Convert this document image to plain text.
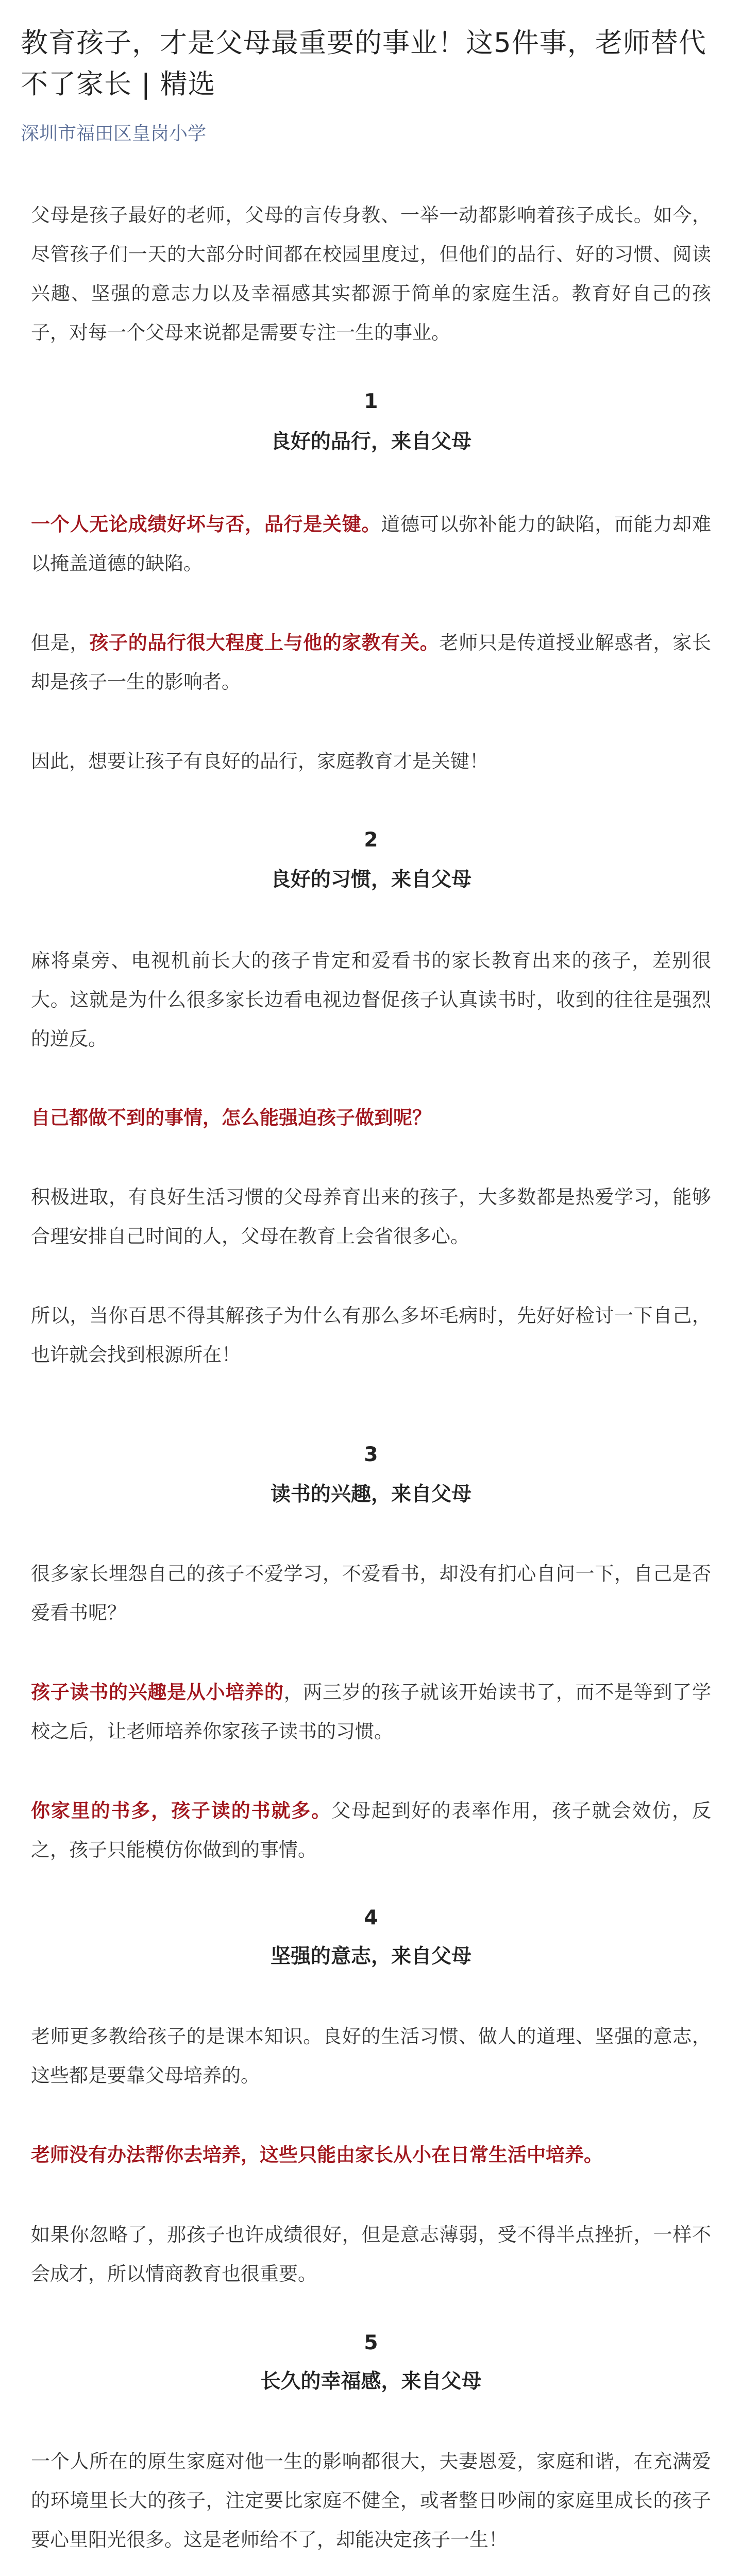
教育孩子，才是父母最重要的事业！这5件事，老师替代不了家长 | 精选
深圳市福田区皇岗小学

父母是孩子最好的老师，父母的言传身教、一举一动都影响着孩子成长。如今，尽管孩子们一天的大部分时间都在校园里度过，但他们的品行、好的习惯、阅读兴趣、坚强的意志力以及幸福感其实都源于简单的家庭生活。教育好自己的孩子，对每一个父母来说都是需要专注一生的事业。

1

良好的品行，来自父母

一个人无论成绩好坏与否，品行是关键。道德可以弥补能力的缺陷，而能力却难以掩盖道德的缺陷。

但是，孩子的品行很大程度上与他的家教有关。老师只是传道授业解惑者，家长却是孩子一生的影响者。

因此，想要让孩子有良好的品行，家庭教育才是关键！

2

良好的习惯，来自父母

麻将桌旁、电视机前长大的孩子肯定和爱看书的家长教育出来的孩子，差别很大。这就是为什么很多家长边看电视边督促孩子认真读书时，收到的往往是强烈的逆反。

自己都做不到的事情，怎么能强迫孩子做到呢？

积极进取，有良好生活习惯的父母养育出来的孩子，大多数都是热爱学习，能够合理安排自己时间的人，父母在教育上会省很多心。

所以，当你百思不得其解孩子为什么有那么多坏毛病时，先好好检讨一下自己，也许就会找到根源所在！

3

读书的兴趣，来自父母

很多家长埋怨自己的孩子不爱学习，不爱看书，却没有扪心自问一下，自己是否爱看书呢？

孩子读书的兴趣是从小培养的，两三岁的孩子就该开始读书了，而不是等到了学校之后，让老师培养你家孩子读书的习惯。

你家里的书多，孩子读的书就多。父母起到好的表率作用，孩子就会效仿，反之，孩子只能模仿你做到的事情。

4

坚强的意志，来自父母

老师更多教给孩子的是课本知识。良好的生活习惯、做人的道理、坚强的意志，这些都是要靠父母培养的。

老师没有办法帮你去培养，这些只能由家长从小在日常生活中培养。

如果你忽略了，那孩子也许成绩很好，但是意志薄弱，受不得半点挫折，一样不会成才，所以情商教育也很重要。

5

长久的幸福感，来自父母

一个人所在的原生家庭对他一生的影响都很大，夫妻恩爱，家庭和谐，在充满爱的环境里长大的孩子，注定要比家庭不健全，或者整日吵闹的家庭里成长的孩子要心里阳光很多。这是老师给不了，却能决定孩子一生！
